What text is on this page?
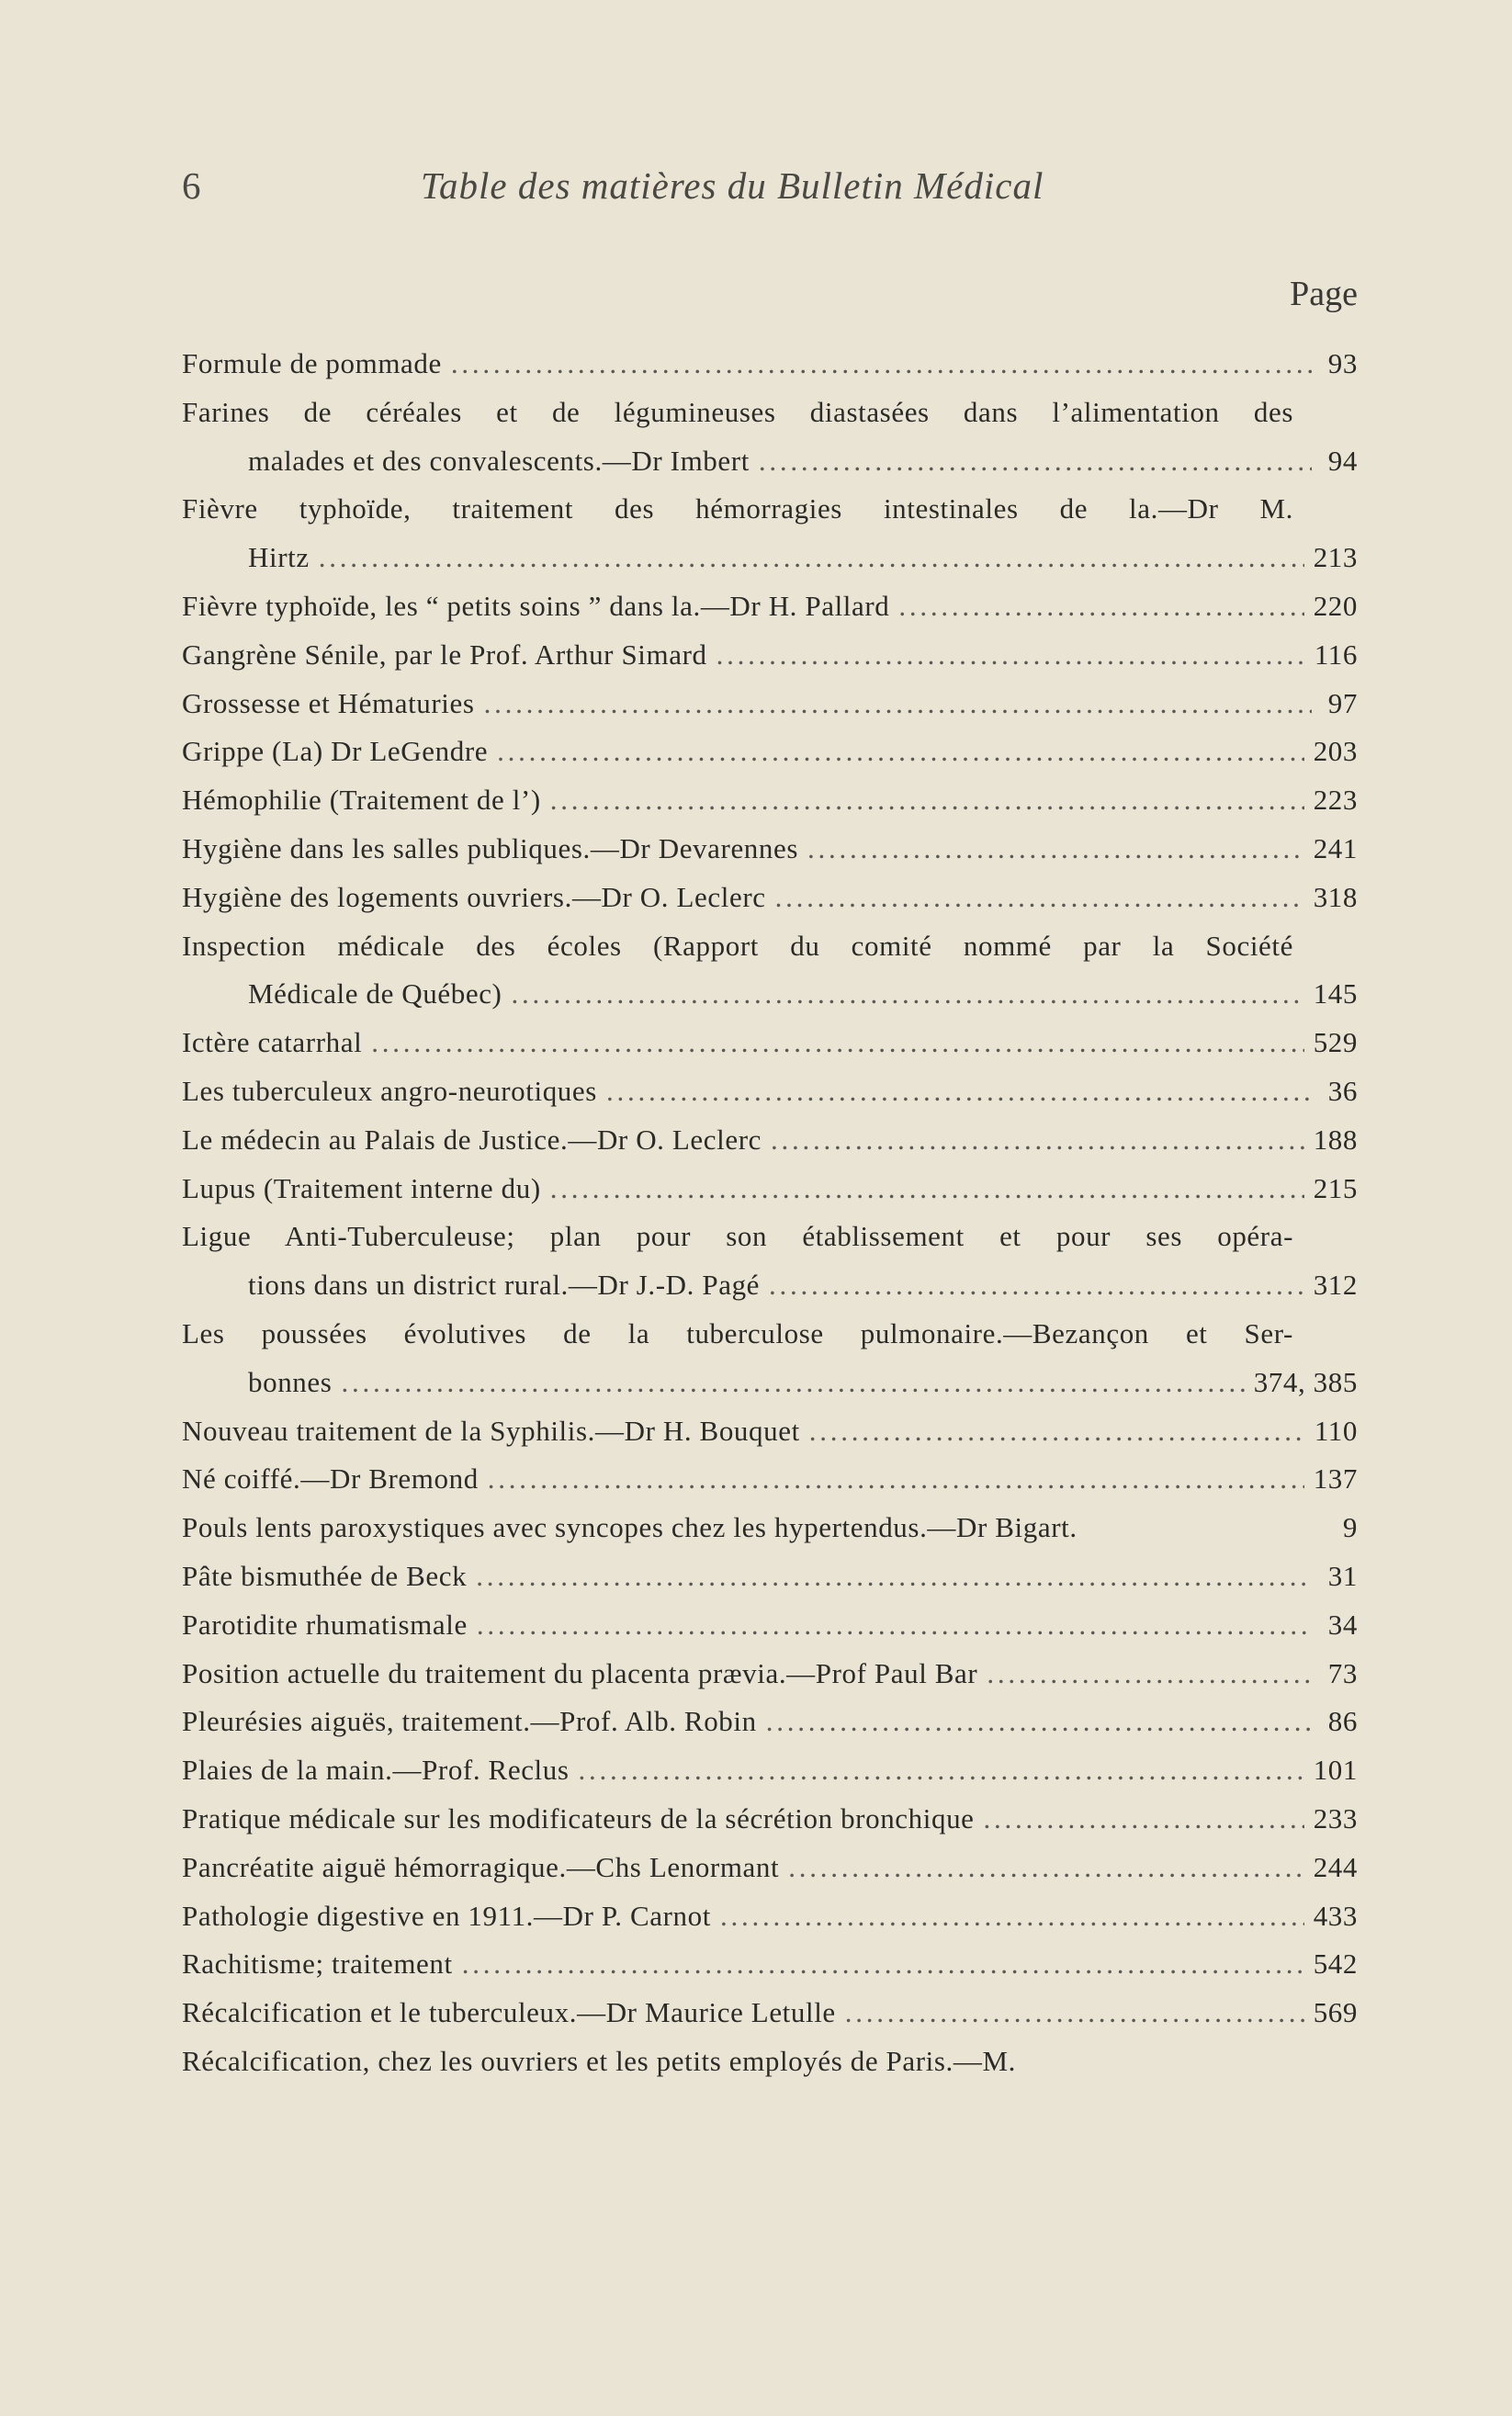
6	Table des matières du Bulletin Médical
Page
Formule de pommade . . .	93
Farines de céréales et de légumineuses diastasées dans l’alimentation des
malades et des convalescents.—Dr Imbert . . .	94
Fièvre typhoïde, traitement des hémorragies intestinales de la.—Dr M.
Hirtz . . .	213
Fièvre typhoïde, les “ petits soins ” dans la.—Dr H. Pallard . . .	220
Gangrène Sénile, par le Prof. Arthur Simard . . .	116
Grossesse et Hématuries . . .	97
Grippe (La) Dr LeGendre . . .	203
Hémophilie (Traitement de l’) . . .	223
Hygiène dans les salles publiques.—Dr Devarennes . . .	241
Hygiène des logements ouvriers.—Dr O. Leclerc . . .	318
Inspection médicale des écoles (Rapport du comité nommé par la Société
Médicale de Québec) . . .	145
Ictère catarrhal . . .	529
Les tuberculeux angro-neurotiques . . .	36
Le médecin au Palais de Justice.—Dr O. Leclerc . . .	188
Lupus (Traitement interne du) . . .	215
Ligue Anti-Tuberculeuse; plan pour son établissement et pour ses opéra-
tions dans un district rural.—Dr J.-D. Pagé . . .	312
Les poussées évolutives de la tuberculose pulmonaire.—Bezançon et Ser-
bonnes . . .	374, 385
Nouveau traitement de la Syphilis.—Dr H. Bouquet . . .	110
Né coiffé.—Dr Bremond . . .	137
Pouls lents paroxystiques avec syncopes chez les hypertendus.—Dr Bigart.	9
Pâte bismuthée de Beck . . .	31
Parotidite rhumatismale . . .	34
Position actuelle du traitement du placenta prævia.—Prof Paul Bar . . .	73
Pleurésies aiguës, traitement.—Prof. Alb. Robin . . .	86
Plaies de la main.—Prof. Reclus . . .	101
Pratique médicale sur les modificateurs de la sécrétion bronchique . . .	233
Pancréatite aiguë hémorragique.—Chs Lenormant . . .	244
Pathologie digestive en 1911.—Dr P. Carnot . . .	433
Rachitisme; traitement . . .	542
Récalcification et le tuberculeux.—Dr Maurice Letulle . . .	569
Récalcification, chez les ouvriers et les petits employés de Paris.—M.
